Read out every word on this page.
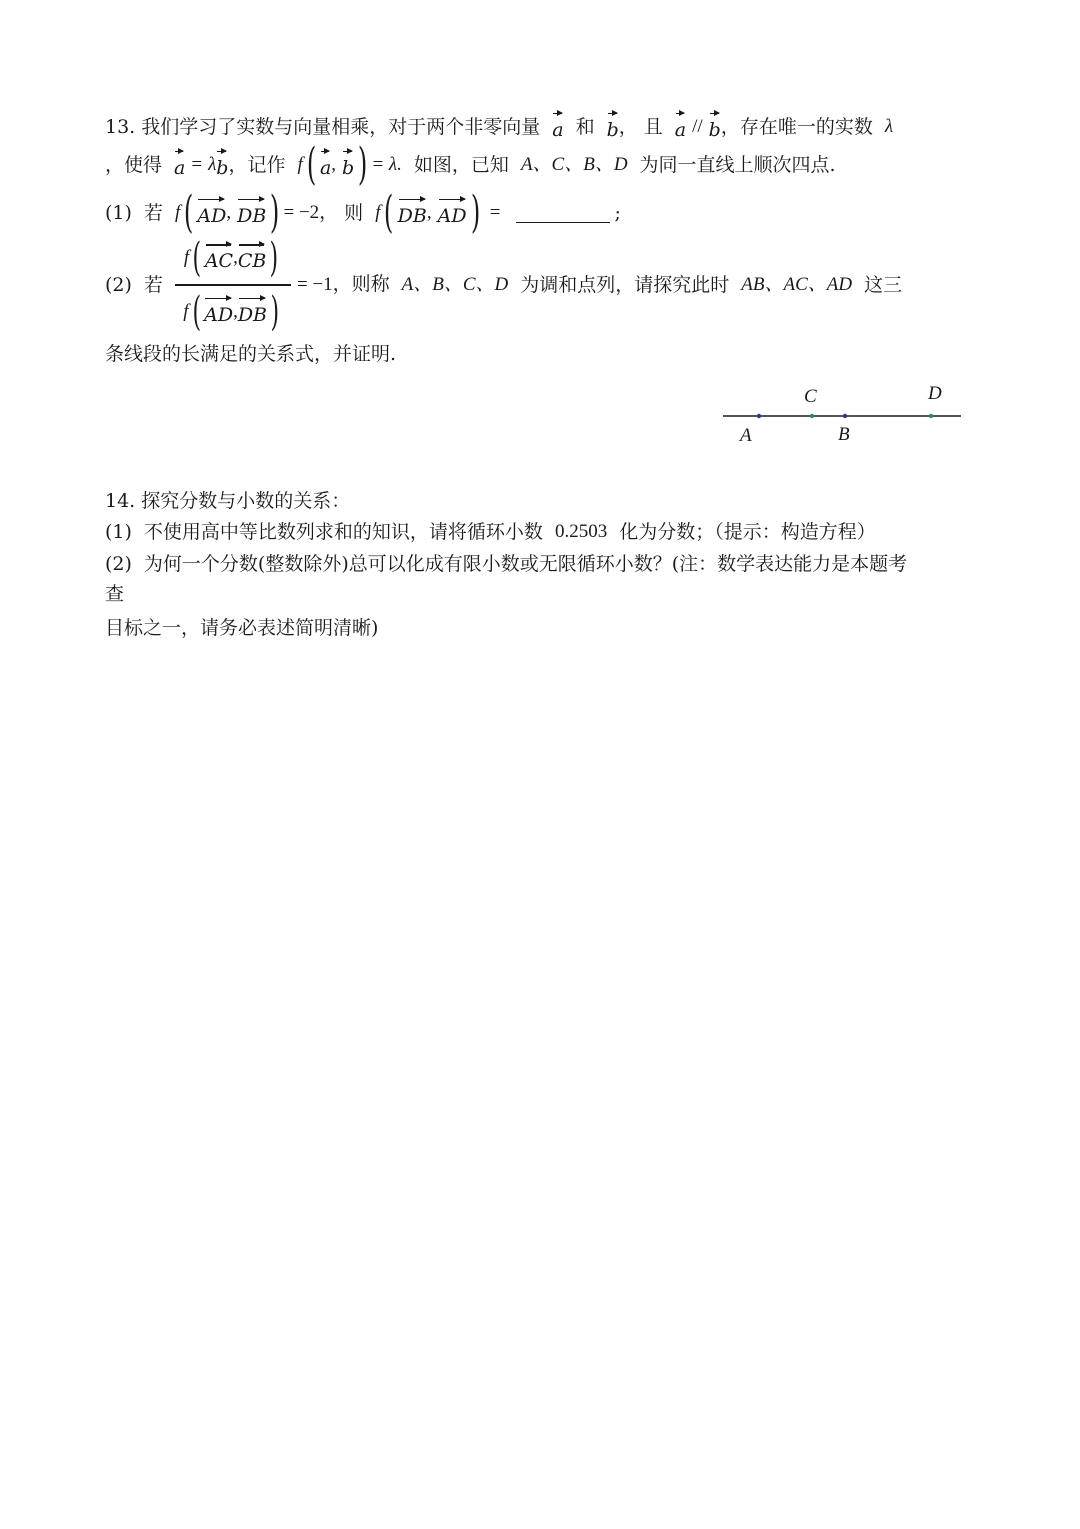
13. 我们学习了实数与向量相乘，对于两个非零向量 a 和 b ， 且 a // b ，存在唯一的实数 λ
，使得 a = λ b ，记作 f ( a , b ) = λ. 如图，已知 A、C、B、D 为同一直线上顺次四点.
(1) 若 f ( AD , DB ) = −2， 则 f ( DB , AD ) =	;
(2) 若 $\frac{f ( AC , CB )}{f ( AD , DB )} = -1$，则称 A、B、C、D 为调和点列，请探究此时 AB、AC、AD 这三
条线段的长满足的关系式，并证明.
A
C
B
D
14. 探究分数与小数的关系：
(1) 不使用高中等比数列求和的知识，请将循环小数 0.2503 化为分数；（提示：构造方程）
(2) 为何一个分数(整数除外)总可以化成有限小数或无限循环小数？(注：数学表达能力是本题考
查
目标之一，请务必表述简明清晰)
